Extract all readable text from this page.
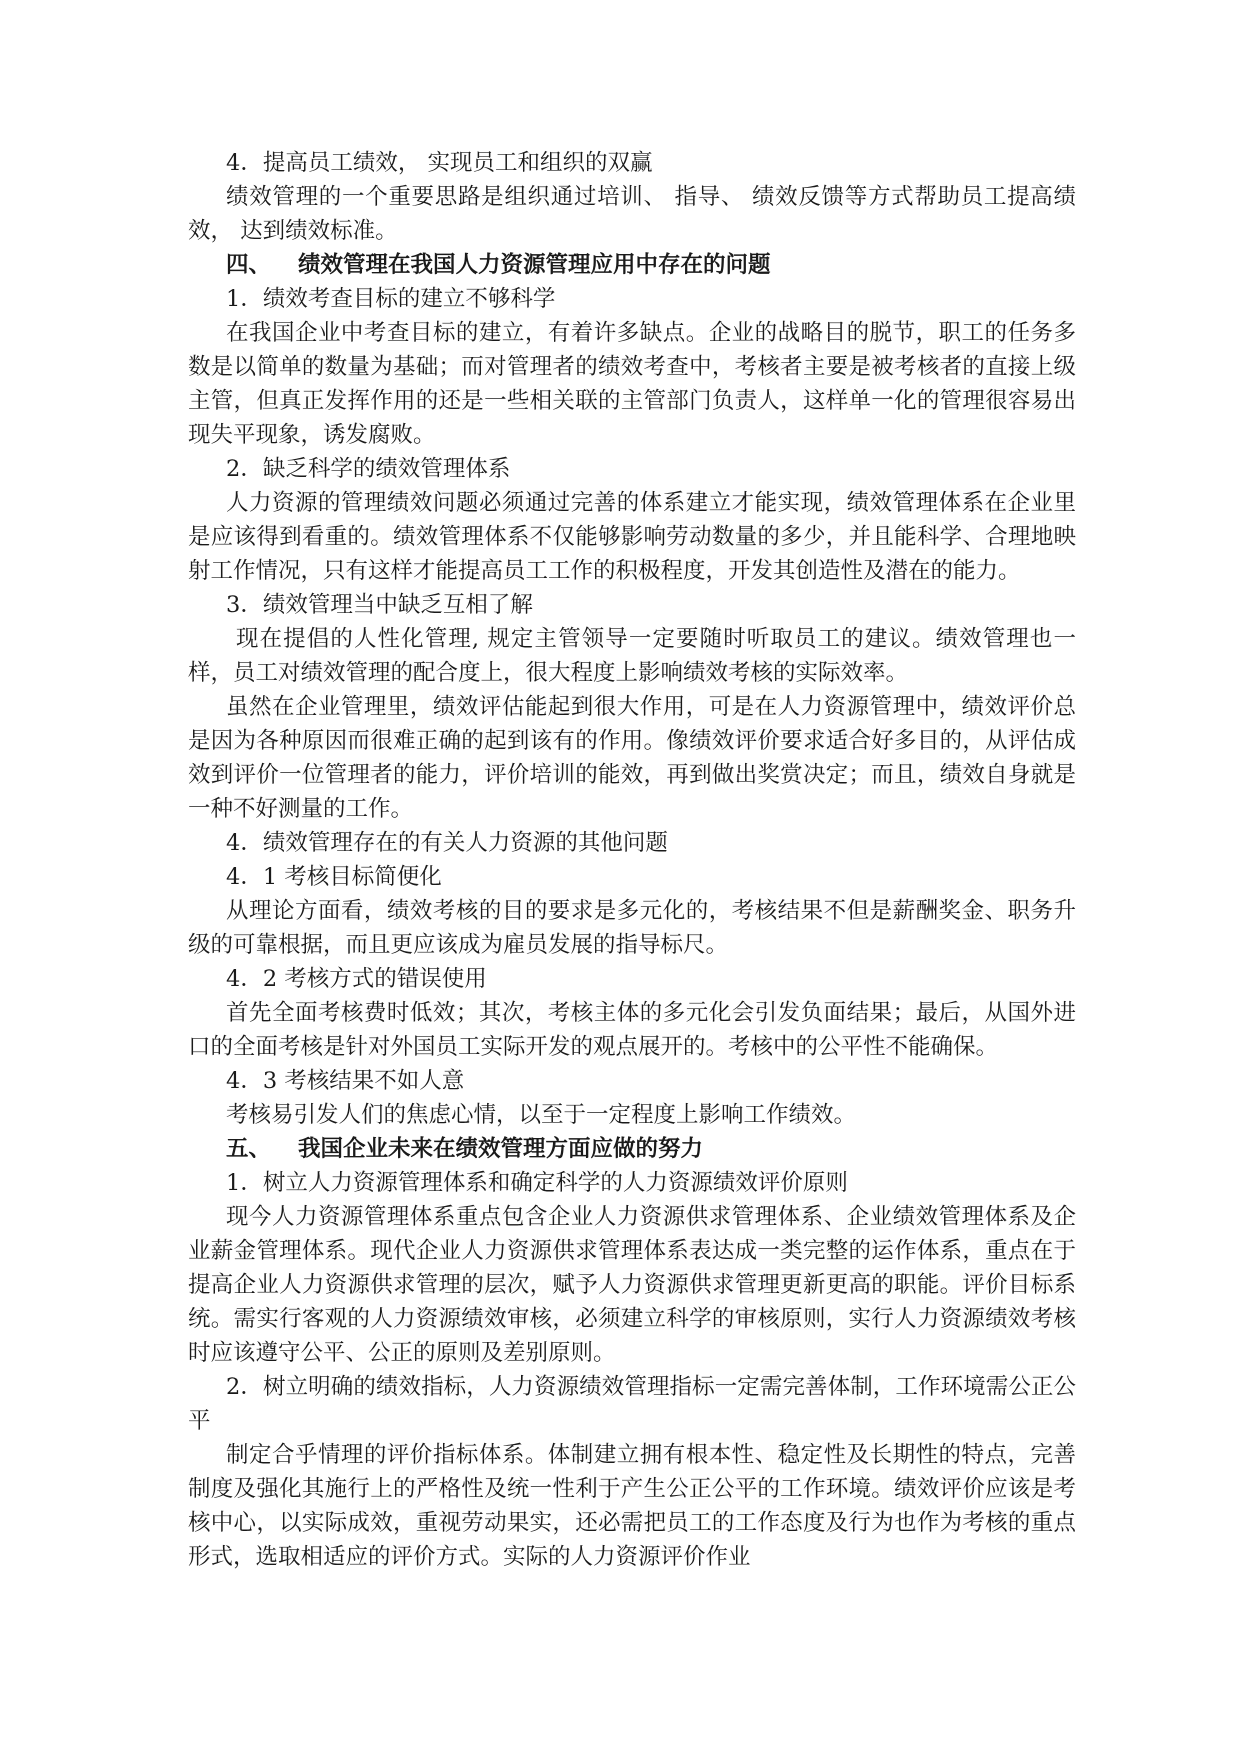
4．提高员工绩效， 实现员工和组织的双赢

绩效管理的一个重要思路是组织通过培训、 指导、 绩效反馈等方式帮助员工提高绩效， 达到绩效标准。

四、 绩效管理在我国人力资源管理应用中存在的问题

1．绩效考查目标的建立不够科学

在我国企业中考查目标的建立，有着许多缺点。企业的战略目的脱节，职工的任务多数是以简单的数量为基础；而对管理者的绩效考查中，考核者主要是被考核者的直接上级主管，但真正发挥作用的还是一些相关联的主管部门负责人，这样单一化的管理很容易出现失平现象，诱发腐败。

2．缺乏科学的绩效管理体系

人力资源的管理绩效问题必须通过完善的体系建立才能实现，绩效管理体系在企业里是应该得到看重的。绩效管理体系不仅能够影响劳动数量的多少，并且能科学、合理地映射工作情况，只有这样才能提高员工工作的积极程度，开发其创造性及潜在的能力。

3．绩效管理当中缺乏互相了解

现在提倡的人性化管理, 规定主管领导一定要随时听取员工的建议。绩效管理也一样，员工对绩效管理的配合度上，很大程度上影响绩效考核的实际效率。

虽然在企业管理里，绩效评估能起到很大作用，可是在人力资源管理中，绩效评价总是因为各种原因而很难正确的起到该有的作用。像绩效评价要求适合好多目的，从评估成效到评价一位管理者的能力，评价培训的能效，再到做出奖赏决定；而且，绩效自身就是一种不好测量的工作。

4．绩效管理存在的有关人力资源的其他问题

4．1 考核目标简便化

从理论方面看，绩效考核的目的要求是多元化的，考核结果不但是薪酬奖金、职务升级的可靠根据，而且更应该成为雇员发展的指导标尺。

4．2 考核方式的错误使用

首先全面考核费时低效；其次，考核主体的多元化会引发负面结果；最后，从国外进口的全面考核是针对外国员工实际开发的观点展开的。考核中的公平性不能确保。

4．3 考核结果不如人意

考核易引发人们的焦虑心情，以至于一定程度上影响工作绩效。

五、 我国企业未来在绩效管理方面应做的努力

1．树立人力资源管理体系和确定科学的人力资源绩效评价原则

现今人力资源管理体系重点包含企业人力资源供求管理体系、企业绩效管理体系及企业薪金管理体系。现代企业人力资源供求管理体系表达成一类完整的运作体系，重点在于提高企业人力资源供求管理的层次，赋予人力资源供求管理更新更高的职能。评价目标系统。需实行客观的人力资源绩效审核，必须建立科学的审核原则，实行人力资源绩效考核时应该遵守公平、公正的原则及差别原则。

2．树立明确的绩效指标，人力资源绩效管理指标一定需完善体制，工作环境需公正公平

制定合乎情理的评价指标体系。体制建立拥有根本性、稳定性及长期性的特点，完善制度及强化其施行上的严格性及统一性利于产生公正公平的工作环境。绩效评价应该是考核中心，以实际成效，重视劳动果实，还必需把员工的工作态度及行为也作为考核的重点形式，选取相适应的评价方式。实际的人力资源评价作业
